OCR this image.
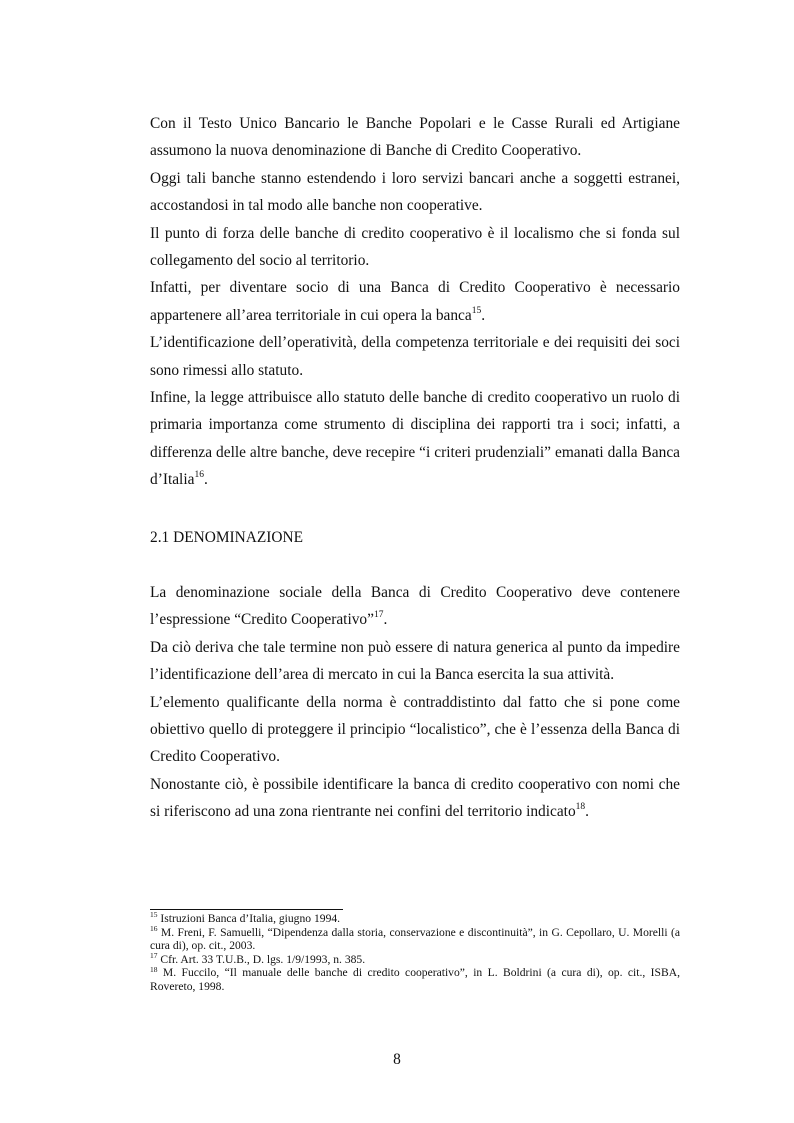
Con il Testo Unico Bancario le Banche Popolari e le Casse Rurali ed Artigiane assumono la nuova denominazione di Banche di Credito Cooperativo.

Oggi tali banche stanno estendendo i loro servizi bancari anche a soggetti estranei, accostandosi in tal modo alle banche non cooperative.

Il punto di forza delle banche di credito cooperativo è il localismo che si fonda sul collegamento del socio al territorio.

Infatti, per diventare socio di una Banca di Credito Cooperativo è necessario appartenere all’area territoriale in cui opera la banca$^{15}$.

L’identificazione dell’operatività, della competenza territoriale e dei requisiti dei soci sono rimessi allo statuto.

Infine, la legge attribuisce allo statuto delle banche di credito cooperativo un ruolo di primaria importanza come strumento di disciplina dei rapporti tra i soci; infatti, a differenza delle altre banche, deve recepire “i criteri prudenziali” emanati dalla Banca d’Italia$^{16}$.

2.1 DENOMINAZIONE

La denominazione sociale della Banca di Credito Cooperativo deve contenere l’espressione “Credito Cooperativo”$^{17}$.

Da ciò deriva che tale termine non può essere di natura generica al punto da impedire l’identificazione dell’area di mercato in cui la Banca esercita la sua attività.

L’elemento qualificante della norma è contraddistinto dal fatto che si pone come obiettivo quello di proteggere il principio “localistico”, che è l’essenza della Banca di Credito Cooperativo.

Nonostante ciò, è possibile identificare la banca di credito cooperativo con nomi che si riferiscono ad una zona rientrante nei confini del territorio indicato$^{18}$.

$^{15}$ Istruzioni Banca d’Italia, giugno 1994.

$^{16}$ M. Freni, F. Samuelli, “Dipendenza dalla storia, conservazione e discontinuità”, in G. Cepollaro, U. Morelli (a cura di), op. cit., 2003.

$^{17}$ Cfr. Art. 33 T.U.B., D. lgs. 1/9/1993, n. 385.

$^{18}$ M. Fuccilo, “Il manuale delle banche di credito cooperativo”, in L. Boldrini (a cura di), op. cit., ISBA, Rovereto, 1998.

8
